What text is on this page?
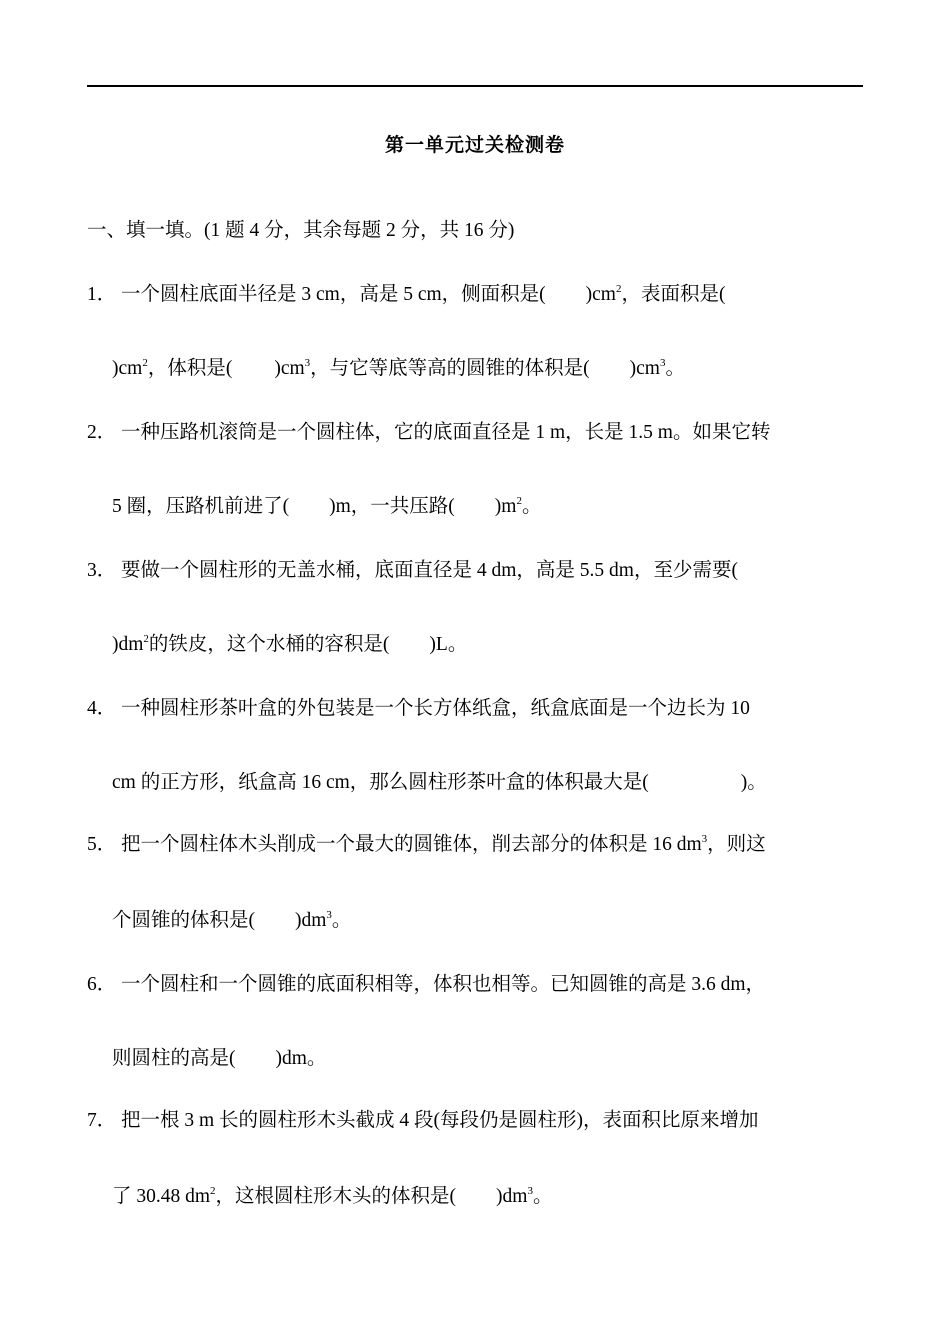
第一单元过关检测卷
一、填一填。(1 题 4 分，其余每题 2 分，共 16 分)
1． 一个圆柱底面半径是 3 cm，高是 5 cm，侧面积是( )$cm^2$，表面积是(
)$cm^2$，体积是( )$cm^3$，与它等底等高的圆锥的体积是( )$cm^3$。
2． 一种压路机滚筒是一个圆柱体，它的底面直径是 1 m，长是 1.5 m。如果它转
5 圈，压路机前进了( )m，一共压路( )$m^2$。
3． 要做一个圆柱形的无盖水桶，底面直径是 4 dm，高是 5.5 dm，至少需要(
)$dm^2$的铁皮，这个水桶的容积是( )L。
4． 一种圆柱形茶叶盒的外包装是一个长方体纸盒，纸盒底面是一个边长为 10
cm 的正方形，纸盒高 16 cm，那么圆柱形茶叶盒的体积最大是(	)。
5． 把一个圆柱体木头削成一个最大的圆锥体，削去部分的体积是 16 $dm^3$，则这
个圆锥的体积是( )$dm^3$。
6． 一个圆柱和一个圆锥的底面积相等，体积也相等。已知圆锥的高是 3.6 dm，
则圆柱的高是( )dm。
7． 把一根 3 m 长的圆柱形木头截成 4 段(每段仍是圆柱形)，表面积比原来增加
了 30.48 $dm^2$，这根圆柱形木头的体积是( )$dm^3$。
